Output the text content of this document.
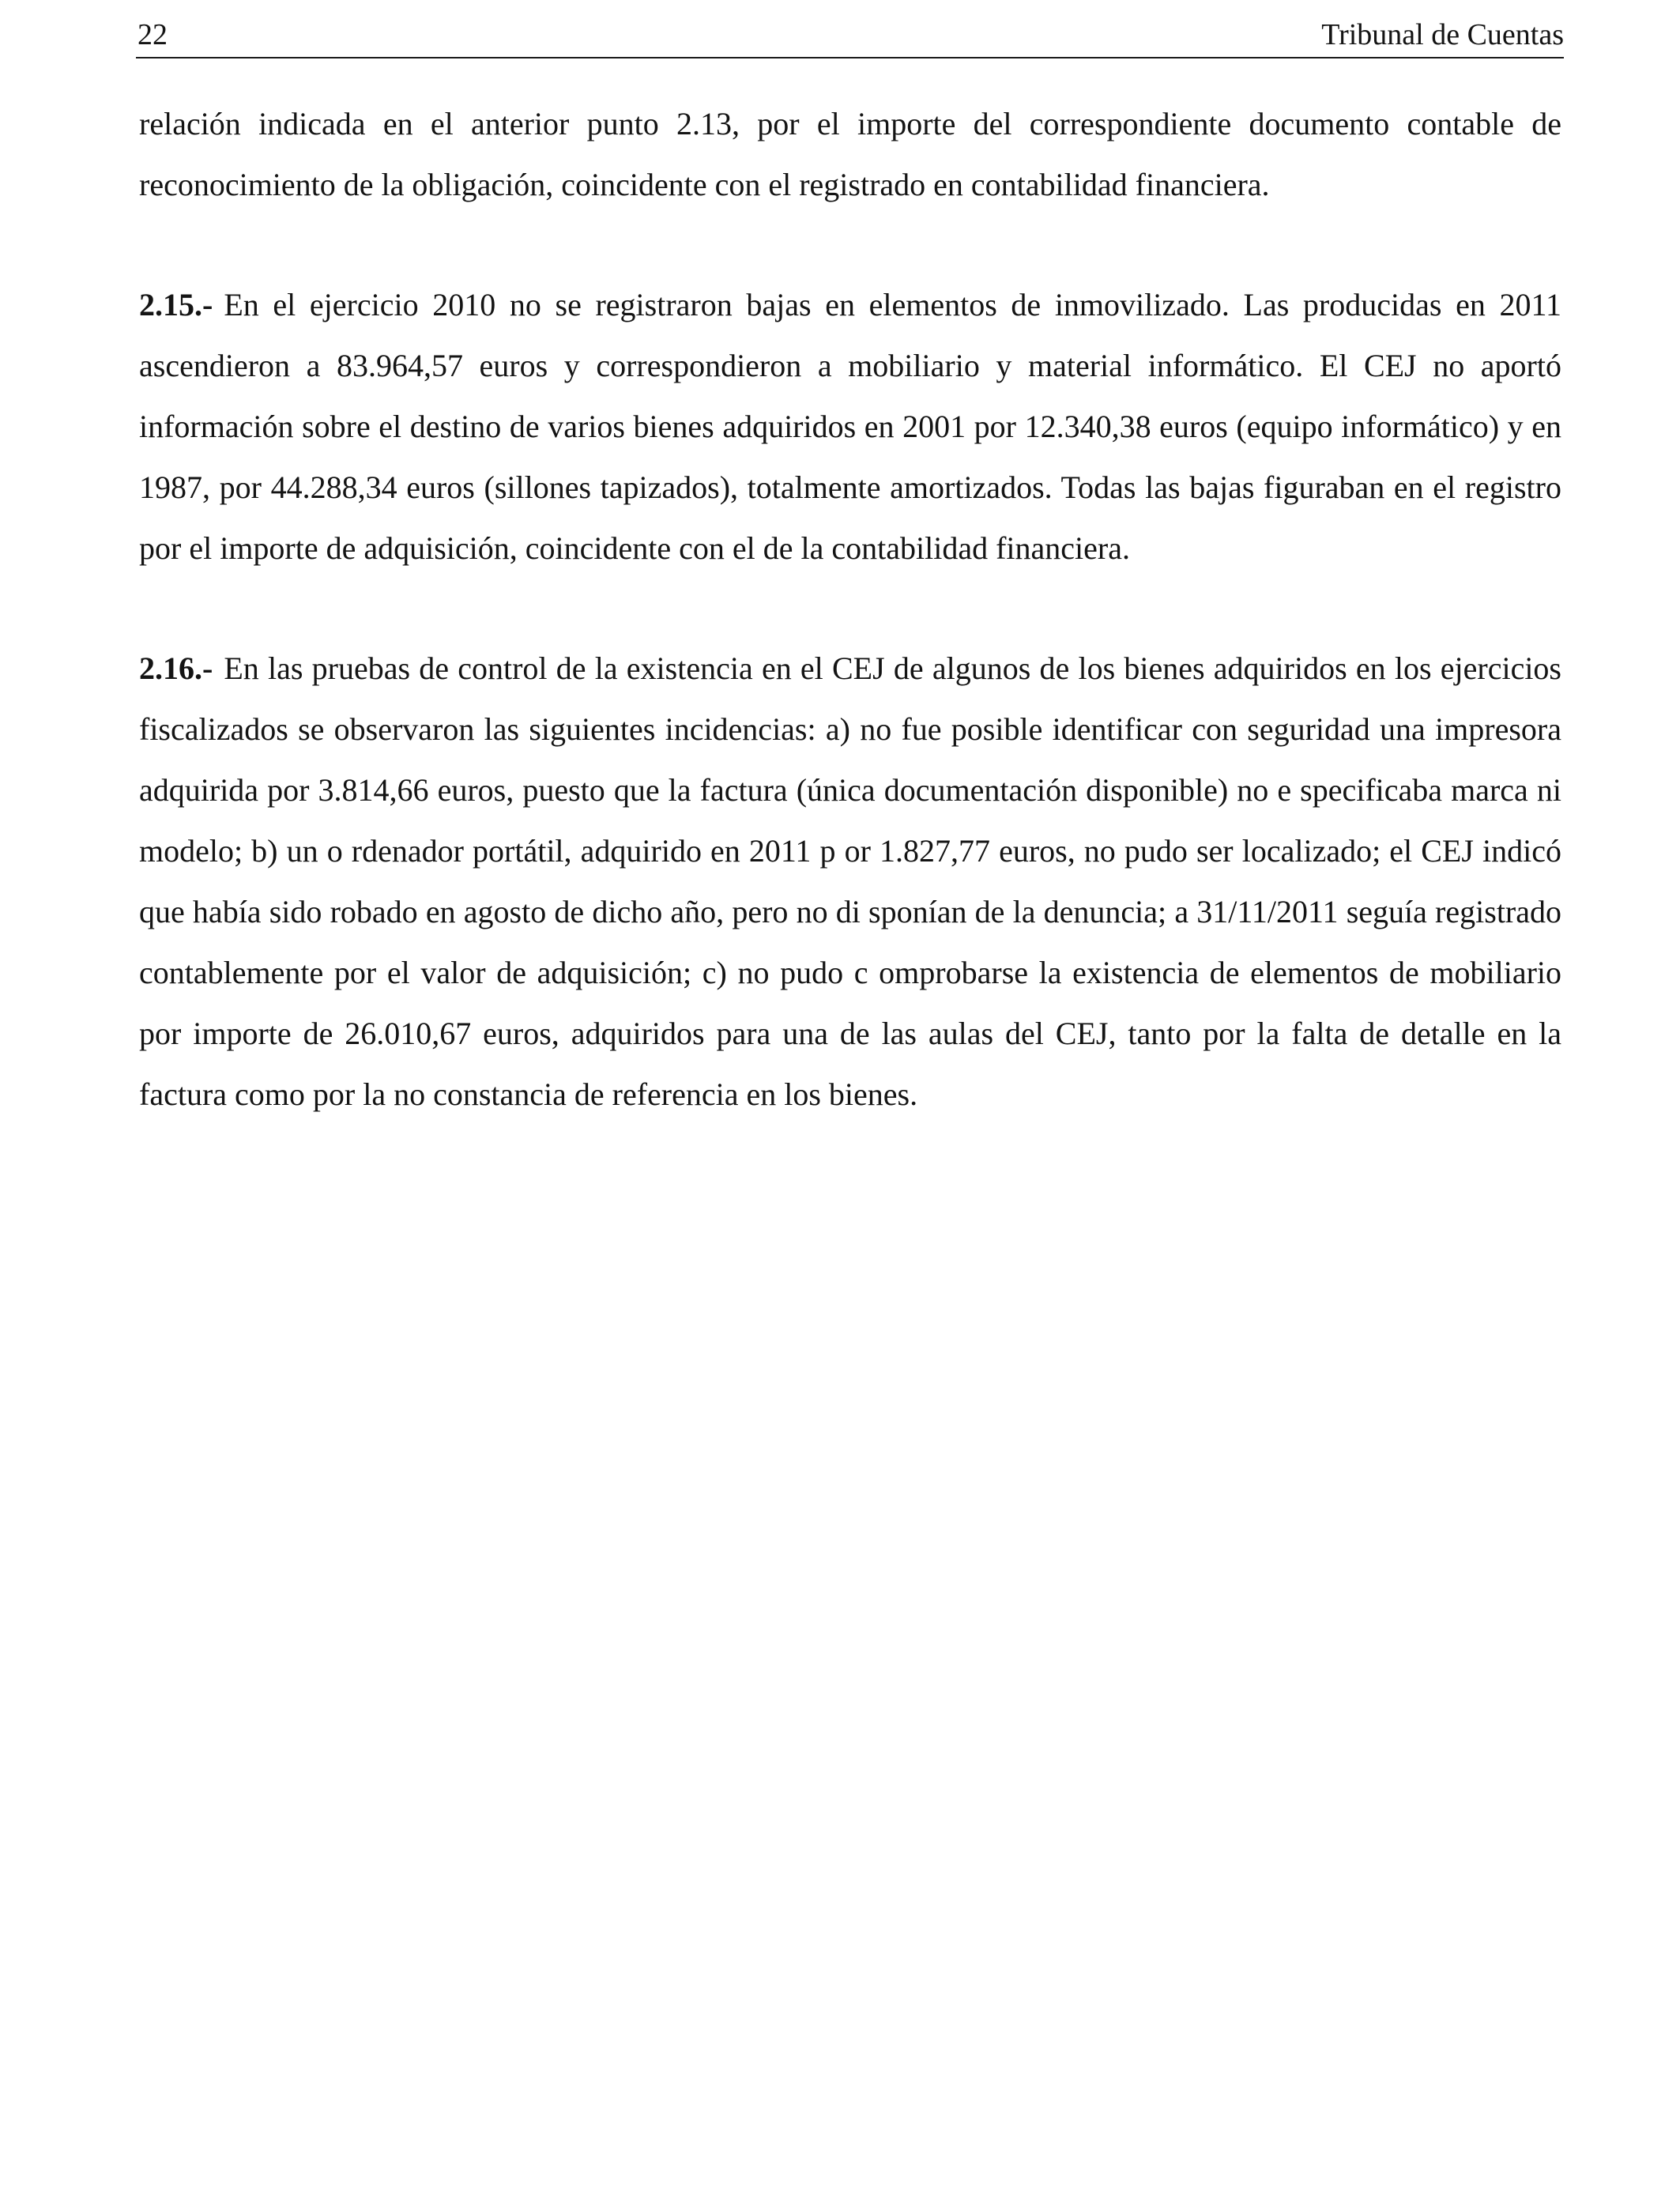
22	Tribunal de Cuentas

relación indicada en el anterior punto 2.13, por el importe del correspondiente documento contable de reconocimiento de la obligación, coincidente con el registrado en contabilidad financiera.

2.15.- En el ejercicio 2010 no se registraron bajas en elementos de inmovilizado. Las producidas en 2011 ascendieron a 83.964,57 euros y correspondieron a mobiliario y material informático. El CEJ no aportó información sobre el destino de varios bienes adquiridos en 2001 por 12.340,38 euros (equipo informático) y en 1987, por 44.288,34 euros (sillones tapizados), totalmente amortizados. Todas las bajas figuraban en el registro por el importe de adquisición, coincidente con el de la contabilidad financiera.

2.16.- En las pruebas de control de la existencia en el CEJ de algunos de los bienes adquiridos en los ejercicios fiscalizados se observaron las siguientes incidencias: a) no fue posible identificar con seguridad una impresora adquirida por 3.814,66 euros, puesto que la factura (única documentación disponible) no e specificaba marca ni modelo; b) un o rdenador portátil, adquirido en 2011 p or 1.827,77 euros, no pudo ser localizado; el CEJ indicó que había sido robado en agosto de dicho año, pero no di sponían de la denuncia; a 31/11/2011 seguía registrado contablemente por el valor de adquisición; c) no pudo c omprobarse la existencia de elementos de mobiliario por importe de 26.010,67 euros, adquiridos para una de las aulas del CEJ, tanto por la falta de detalle en la factura como por la no constancia de referencia en los bienes.
